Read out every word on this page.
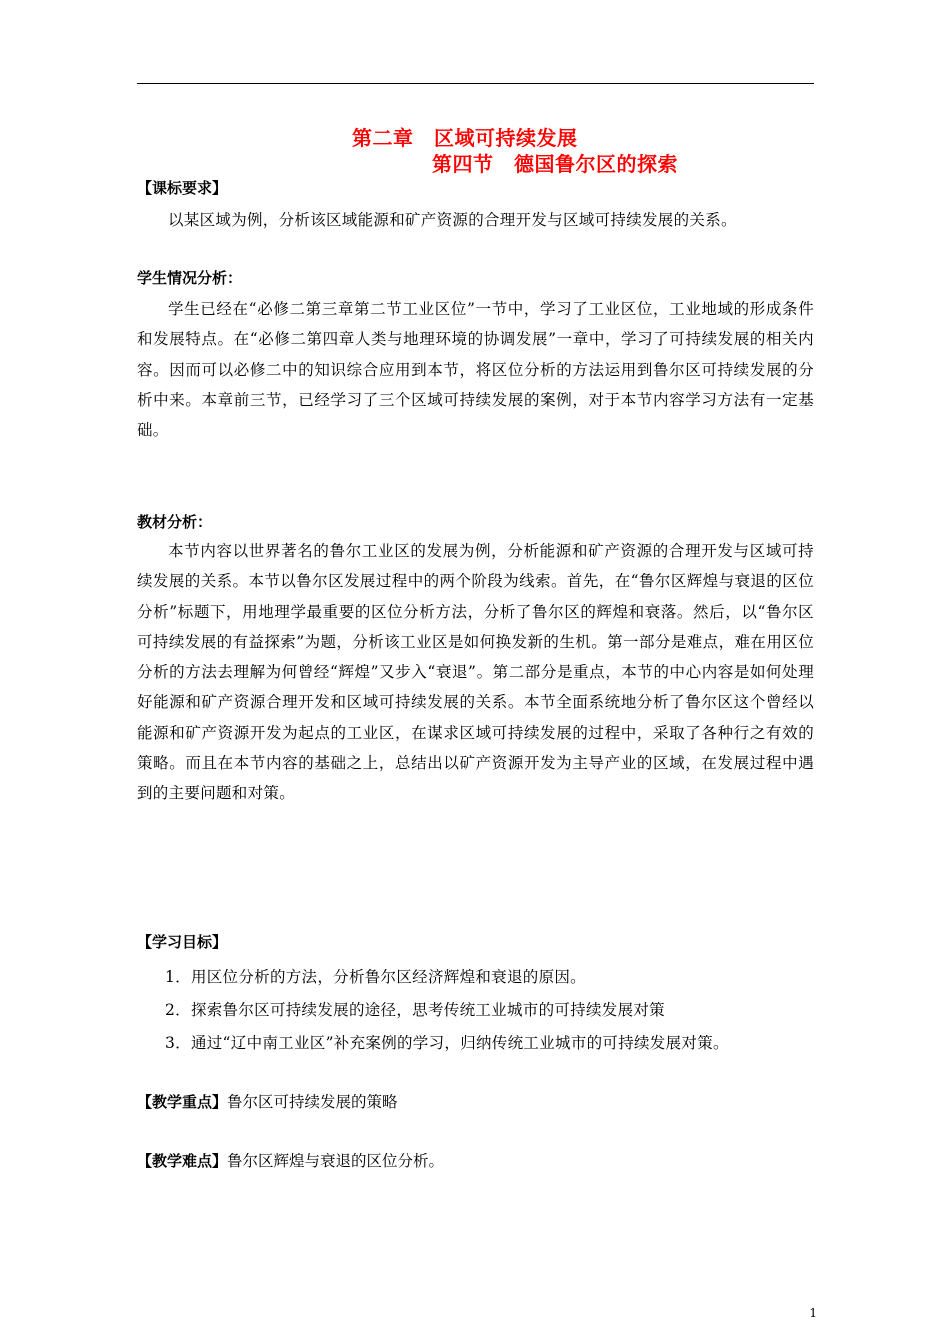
第二章　区域可持续发展
第四节　德国鲁尔区的探索
【课标要求】
以某区域为例，分析该区域能源和矿产资源的合理开发与区域可持续发展的关系。
学生情况分析：
学生已经在“必修二第三章第二节工业区位”一节中，学习了工业区位，工业地域的形成条件和发展特点。在“必修二第四章人类与地理环境的协调发展”一章中，学习了可持续发展的相关内容。因而可以必修二中的知识综合应用到本节，将区位分析的方法运用到鲁尔区可持续发展的分析中来。本章前三节，已经学习了三个区域可持续发展的案例，对于本节内容学习方法有一定基础。
教材分析：
本节内容以世界著名的鲁尔工业区的发展为例，分析能源和矿产资源的合理开发与区域可持续发展的关系。本节以鲁尔区发展过程中的两个阶段为线索。首先，在“鲁尔区辉煌与衰退的区位分析”标题下，用地理学最重要的区位分析方法，分析了鲁尔区的辉煌和衰落。然后，以“鲁尔区可持续发展的有益探索”为题，分析该工业区是如何换发新的生机。第一部分是难点，难在用区位分析的方法去理解为何曾经“辉煌”又步入“衰退”。第二部分是重点，本节的中心内容是如何处理好能源和矿产资源合理开发和区域可持续发展的关系。本节全面系统地分析了鲁尔区这个曾经以能源和矿产资源开发为起点的工业区，在谋求区域可持续发展的过程中，采取了各种行之有效的策略。而且在本节内容的基础之上，总结出以矿产资源开发为主导产业的区域，在发展过程中遇到的主要问题和对策。
【学习目标】
1．用区位分析的方法，分析鲁尔区经济辉煌和衰退的原因。
2．探索鲁尔区可持续发展的途径，思考传统工业城市的可持续发展对策
3．通过“辽中南工业区”补充案例的学习，归纳传统工业城市的可持续发展对策。
【教学重点】鲁尔区可持续发展的策略
【教学难点】鲁尔区辉煌与衰退的区位分析。
1
